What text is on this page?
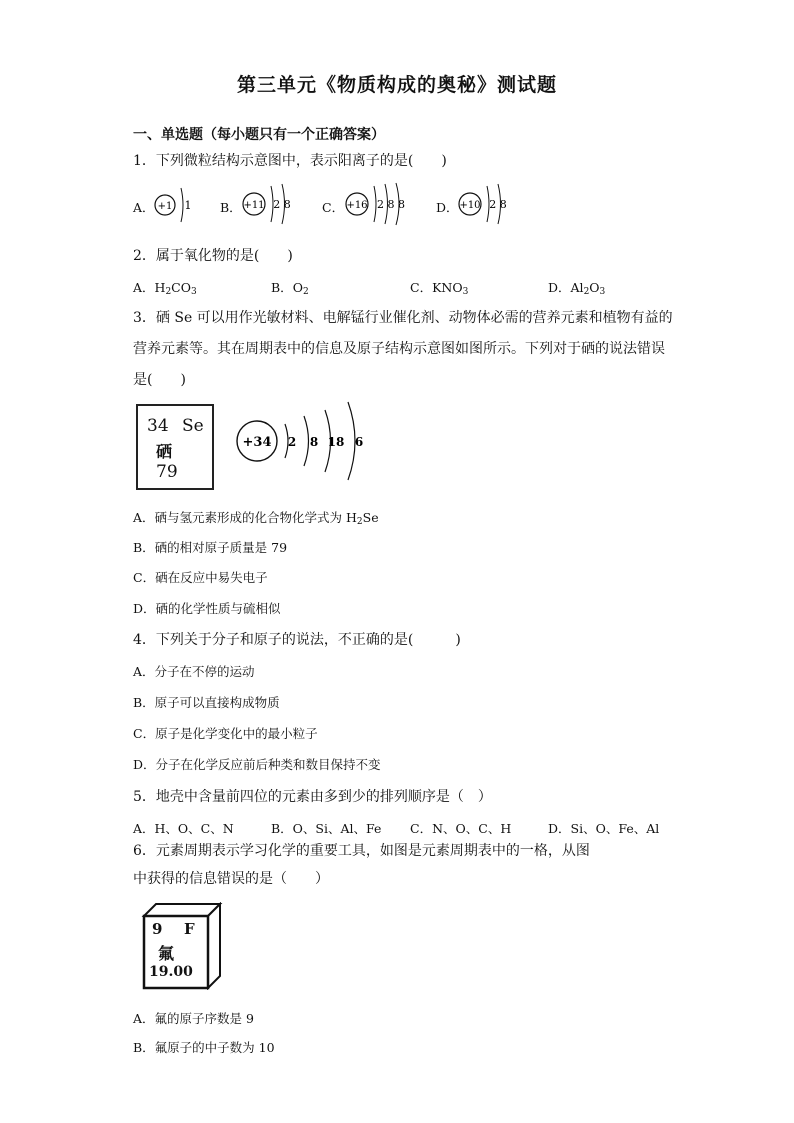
第三单元《物质构成的奥秘》测试题
一、单选题（每小题只有一个正确答案）
1．下列微粒结构示意图中，表示阳离子的是(　　)
A． +1 1 B． +11 2 8	C． +16 2 8 8 D． +10 2 8
2．属于氧化物的是(　　)
A．$H_2CO_3$	B．$O_2$	C．$KNO_3$	D．$Al_2O_3$
3．硒 Se 可以用作光敏材料、电解锰行业催化剂、动物体必需的营养元素和植物有益的
营养元素等。其在周期表中的信息及原子结构示意图如图所示。下列对于硒的说法错误
是(　　)
34 Se
硒
79
+34 2 8 18 6
A．硒与氢元素形成的化合物化学式为 $H_2Se$
B．硒的相对原子质量是 79
C．硒在反应中易失电子
D．硒的化学性质与硫相似
4．下列关于分子和原子的说法，不正确的是(　　　)
A．分子在不停的运动
B．原子可以直接构成物质
C．原子是化学变化中的最小粒子
D．分子在化学反应前后种类和数目保持不变
5．地壳中含量前四位的元素由多到少的排列顺序是（　）
A．H、O、C、N	B．O、Si、Al、Fe C．N、O、C、H	D．Si、O、Fe、Al
6．元素周期表示学习化学的重要工具，如图是元素周期表中的一格，从图
中获得的信息错误的是（　　）
9 F
氟
19.00
A．氟的原子序数是 9
B．氟原子的中子数为 10
